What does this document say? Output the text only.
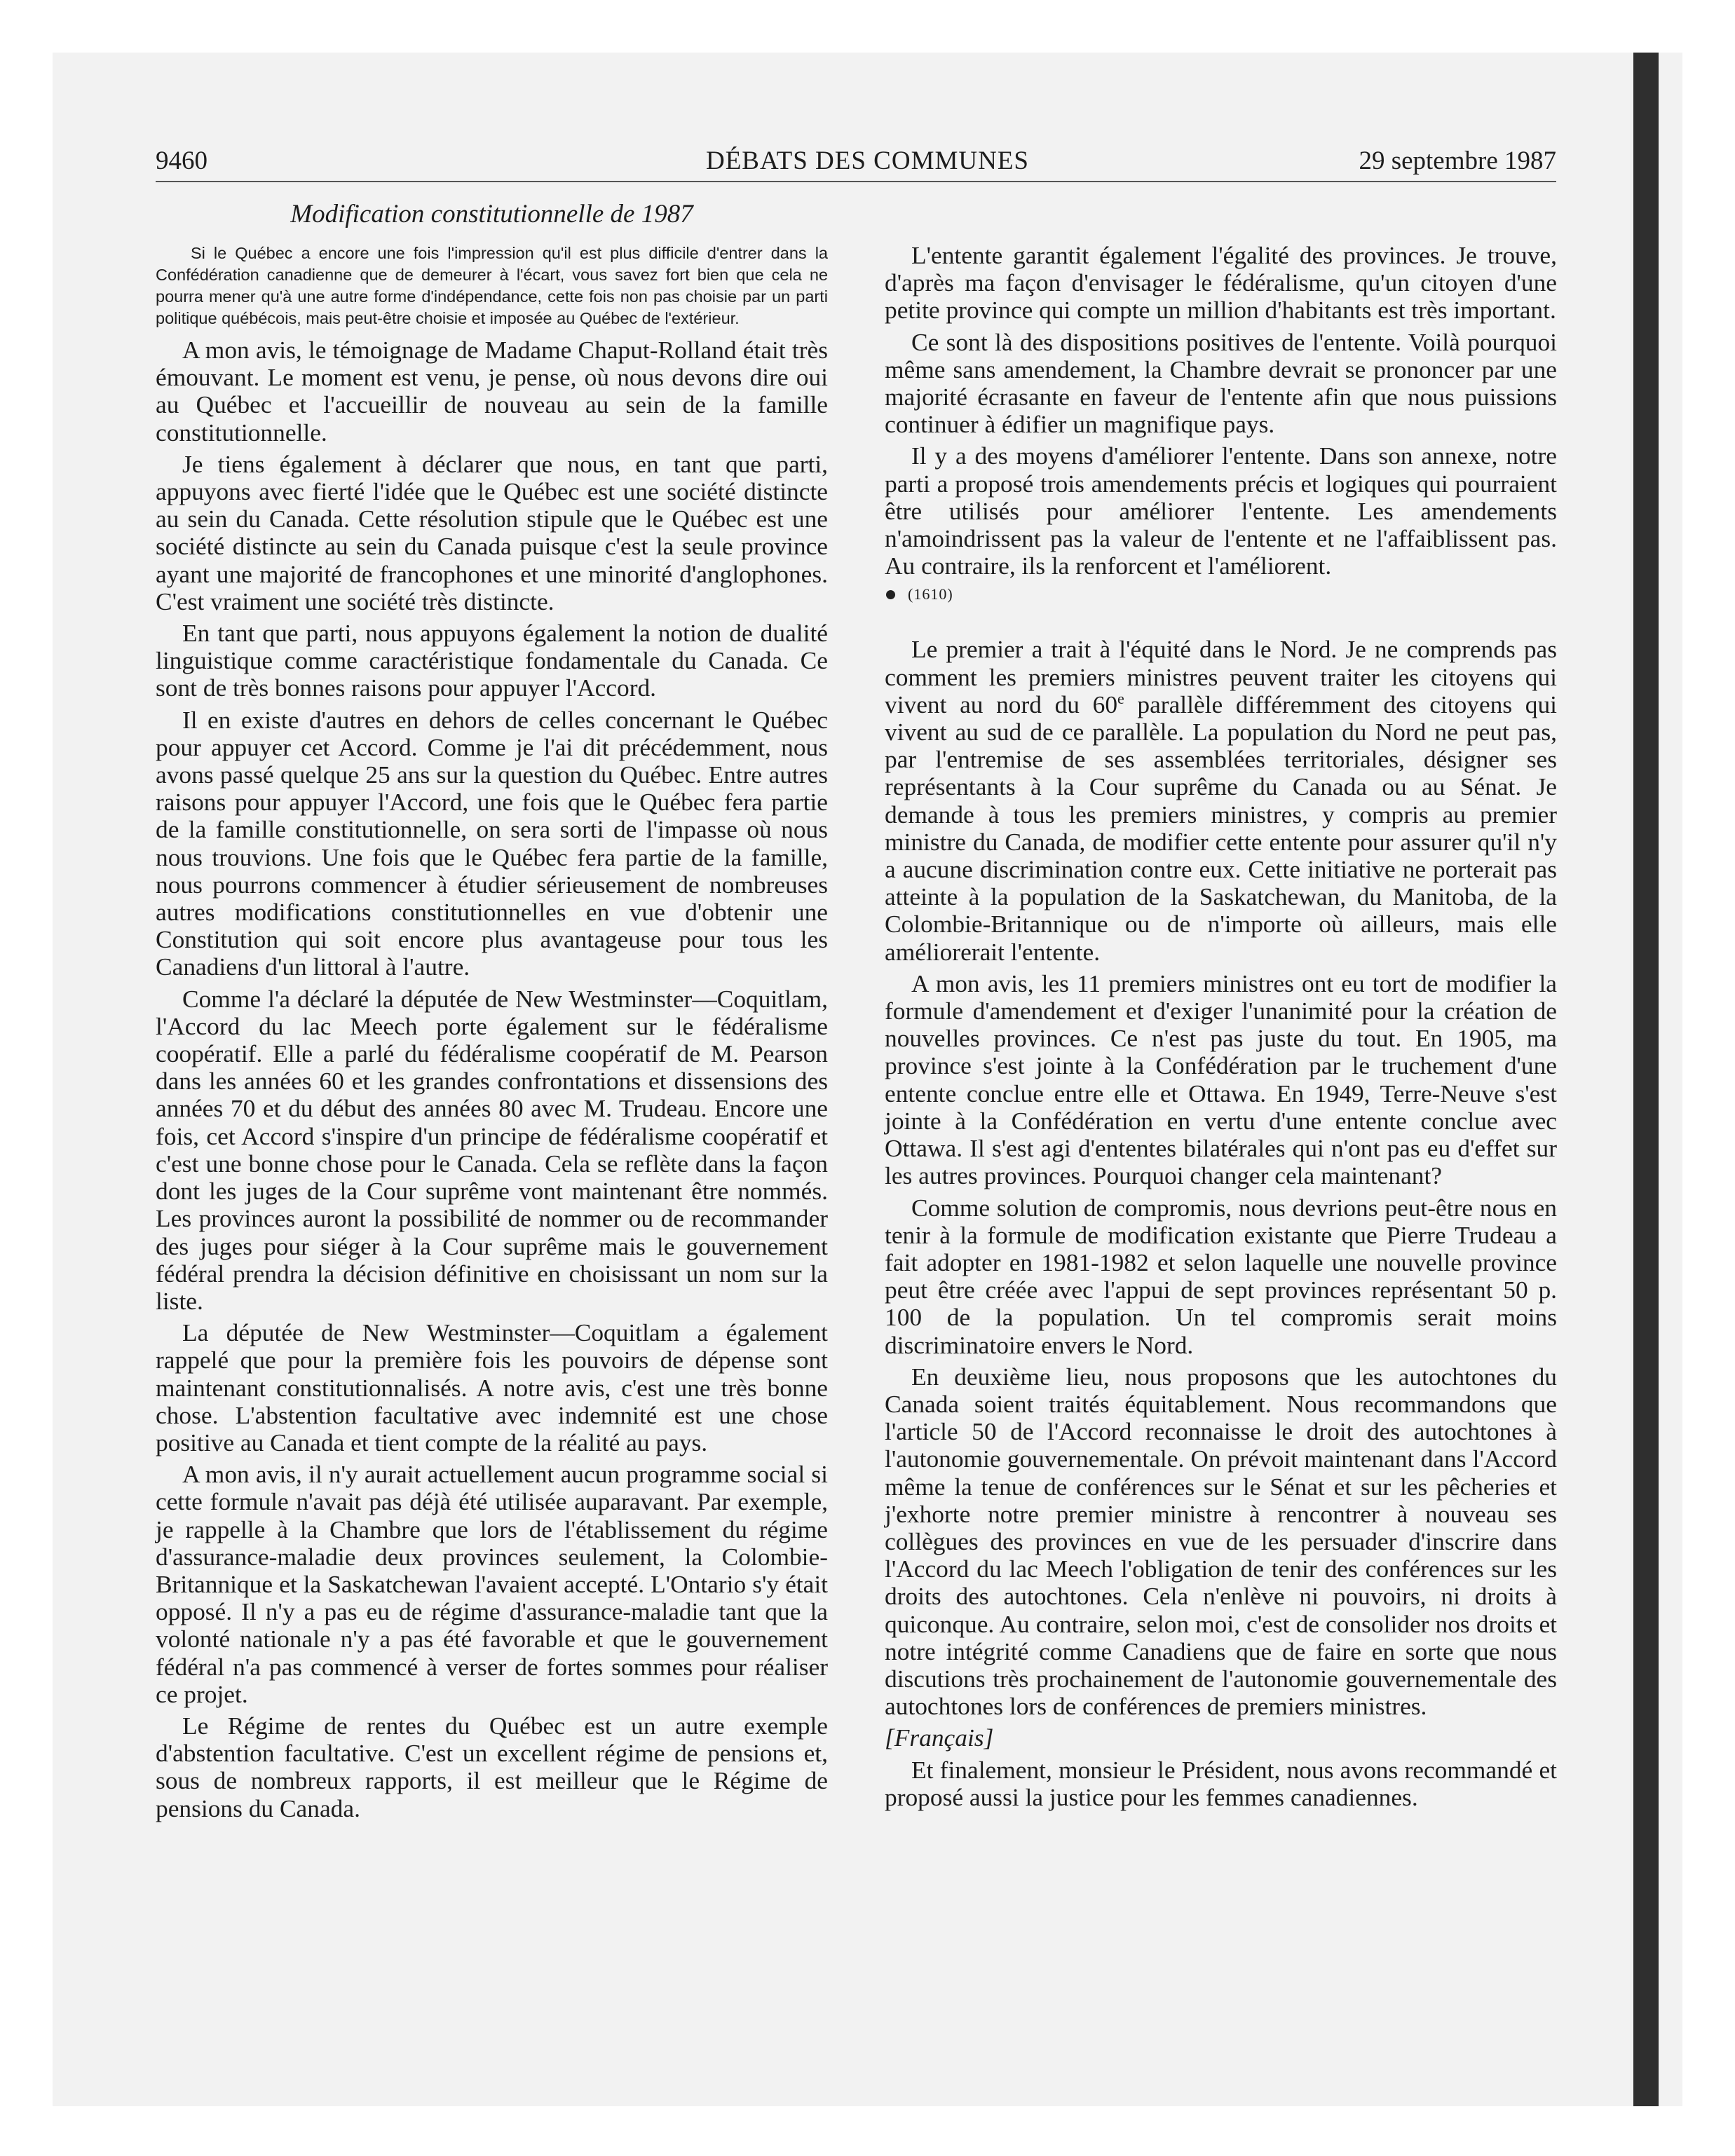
9460	DÉBATS DES COMMUNES	29 septembre 1987
Modification constitutionnelle de 1987
Si le Québec a encore une fois l'impression qu'il est plus difficile d'entrer dans la Confédération canadienne que de demeurer à l'écart, vous savez fort bien que cela ne pourra mener qu'à une autre forme d'indépendance, cette fois non pas choisie par un parti politique québécois, mais peut-être choisie et imposée au Québec de l'extérieur.

A mon avis, le témoignage de Madame Chaput-Rolland était très émouvant. Le moment est venu, je pense, où nous devons dire oui au Québec et l'accueillir de nouveau au sein de la famille constitutionnelle.

Je tiens également à déclarer que nous, en tant que parti, appuyons avec fierté l'idée que le Québec est une société distincte au sein du Canada. Cette résolution stipule que le Québec est une société distincte au sein du Canada puisque c'est la seule province ayant une majorité de francophones et une minorité d'anglophones. C'est vraiment une société très distincte.

En tant que parti, nous appuyons également la notion de dualité linguistique comme caractéristique fondamentale du Canada. Ce sont de très bonnes raisons pour appuyer l'Accord.

Il en existe d'autres en dehors de celles concernant le Québec pour appuyer cet Accord. Comme je l'ai dit précédemment, nous avons passé quelque 25 ans sur la question du Québec. Entre autres raisons pour appuyer l'Accord, une fois que le Québec fera partie de la famille constitutionnelle, on sera sorti de l'impasse où nous nous trouvions. Une fois que le Québec fera partie de la famille, nous pourrons commencer à étudier sérieusement de nombreuses autres modifications constitutionnelles en vue d'obtenir une Constitution qui soit encore plus avantageuse pour tous les Canadiens d'un littoral à l'autre.

Comme l'a déclaré la députée de New Westminster—Coquitlam, l'Accord du lac Meech porte également sur le fédéralisme coopératif. Elle a parlé du fédéralisme coopératif de M. Pearson dans les années 60 et les grandes confrontations et dissensions des années 70 et du début des années 80 avec M. Trudeau. Encore une fois, cet Accord s'inspire d'un principe de fédéralisme coopératif et c'est une bonne chose pour le Canada. Cela se reflète dans la façon dont les juges de la Cour suprême vont maintenant être nommés. Les provinces auront la possibilité de nommer ou de recommander des juges pour siéger à la Cour suprême mais le gouvernement fédéral prendra la décision définitive en choisissant un nom sur la liste.

La députée de New Westminster—Coquitlam a également rappelé que pour la première fois les pouvoirs de dépense sont maintenant constitutionnalisés. A notre avis, c'est une très bonne chose. L'abstention facultative avec indemnité est une chose positive au Canada et tient compte de la réalité au pays.

A mon avis, il n'y aurait actuellement aucun programme social si cette formule n'avait pas déjà été utilisée auparavant. Par exemple, je rappelle à la Chambre que lors de l'établissement du régime d'assurance-maladie deux provinces seulement, la Colombie-Britannique et la Saskatchewan l'avaient accepté. L'Ontario s'y était opposé. Il n'y a pas eu de régime d'assurance-maladie tant que la volonté nationale n'y a pas été favorable et que le gouvernement fédéral n'a pas commencé à verser de fortes sommes pour réaliser ce projet.

Le Régime de rentes du Québec est un autre exemple d'abstention facultative. C'est un excellent régime de pensions et, sous de nombreux rapports, il est meilleur que le Régime de pensions du Canada.

L'entente garantit également l'égalité des provinces. Je trouve, d'après ma façon d'envisager le fédéralisme, qu'un citoyen d'une petite province qui compte un million d'habitants est très important.

Ce sont là des dispositions positives de l'entente. Voilà pourquoi même sans amendement, la Chambre devrait se prononcer par une majorité écrasante en faveur de l'entente afin que nous puissions continuer à édifier un magnifique pays.

Il y a des moyens d'améliorer l'entente. Dans son annexe, notre parti a proposé trois amendements précis et logiques qui pourraient être utilisés pour améliorer l'entente. Les amendements n'amoindrissent pas la valeur de l'entente et ne l'affaiblissent pas. Au contraire, ils la renforcent et l'améliorent.

(1610)

Le premier a trait à l'équité dans le Nord. Je ne comprends pas comment les premiers ministres peuvent traiter les citoyens qui vivent au nord du 60e parallèle différemment des citoyens qui vivent au sud de ce parallèle. La population du Nord ne peut pas, par l'entremise de ses assemblées territoriales, désigner ses représentants à la Cour suprême du Canada ou au Sénat. Je demande à tous les premiers ministres, y compris au premier ministre du Canada, de modifier cette entente pour assurer qu'il n'y a aucune discrimination contre eux. Cette initiative ne porterait pas atteinte à la population de la Saskatchewan, du Manitoba, de la Colombie-Britannique ou de n'importe où ailleurs, mais elle améliorerait l'entente.

A mon avis, les 11 premiers ministres ont eu tort de modifier la formule d'amendement et d'exiger l'unanimité pour la création de nouvelles provinces. Ce n'est pas juste du tout. En 1905, ma province s'est jointe à la Confédération par le truchement d'une entente conclue entre elle et Ottawa. En 1949, Terre-Neuve s'est jointe à la Confédération en vertu d'une entente conclue avec Ottawa. Il s'est agi d'ententes bilatérales qui n'ont pas eu d'effet sur les autres provinces. Pourquoi changer cela maintenant?

Comme solution de compromis, nous devrions peut-être nous en tenir à la formule de modification existante que Pierre Trudeau a fait adopter en 1981-1982 et selon laquelle une nouvelle province peut être créée avec l'appui de sept provinces représentant 50 p. 100 de la population. Un tel compromis serait moins discriminatoire envers le Nord.

En deuxième lieu, nous proposons que les autochtones du Canada soient traités équitablement. Nous recommandons que l'article 50 de l'Accord reconnaisse le droit des autochtones à l'autonomie gouvernementale. On prévoit maintenant dans l'Accord même la tenue de conférences sur le Sénat et sur les pêcheries et j'exhorte notre premier ministre à rencontrer à nouveau ses collègues des provinces en vue de les persuader d'inscrire dans l'Accord du lac Meech l'obligation de tenir des conférences sur les droits des autochtones. Cela n'enlève ni pouvoirs, ni droits à quiconque. Au contraire, selon moi, c'est de consolider nos droits et notre intégrité comme Canadiens que de faire en sorte que nous discutions très prochainement de l'autonomie gouvernementale des autochtones lors de conférences de premiers ministres.

[Français]

Et finalement, monsieur le Président, nous avons recommandé et proposé aussi la justice pour les femmes canadiennes.
